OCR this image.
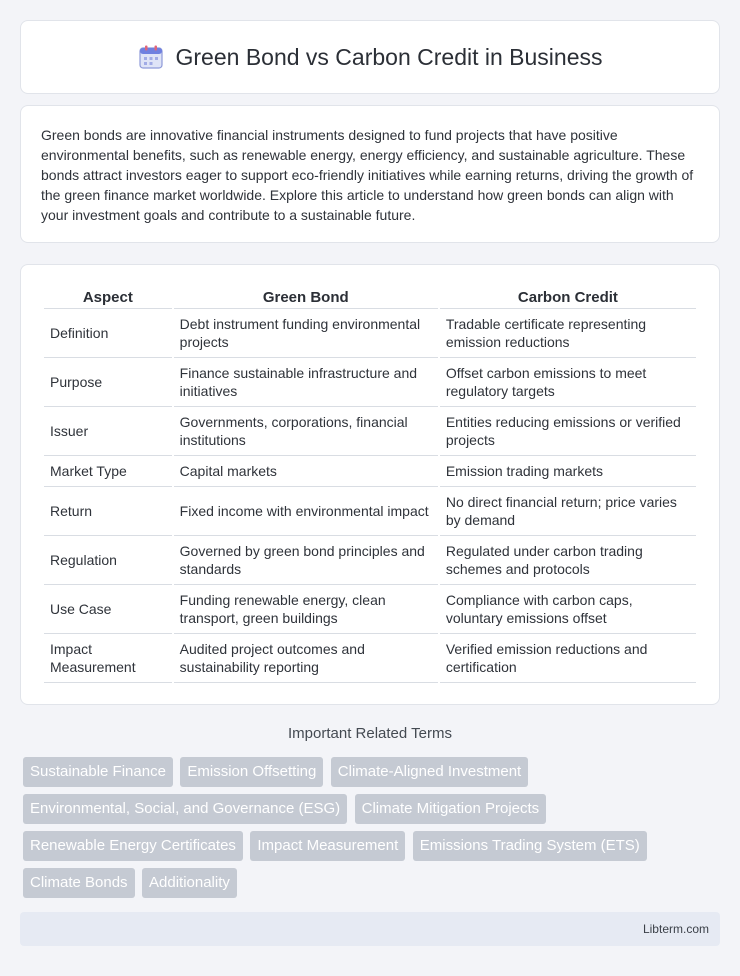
Green Bond vs Carbon Credit in Business

Green bonds are innovative financial instruments designed to fund projects that have positive environmental benefits, such as renewable energy, energy efficiency, and sustainable agriculture. These bonds attract investors eager to support eco-friendly initiatives while earning returns, driving the growth of the green finance market worldwide. Explore this article to understand how green bonds can align with your investment goals and contribute to a sustainable future.

Aspect	Green Bond	Carbon Credit
Definition	Debt instrument funding environmental projects	Tradable certificate representing emission reductions
Purpose	Finance sustainable infrastructure and initiatives	Offset carbon emissions to meet regulatory targets
Issuer	Governments, corporations, financial institutions	Entities reducing emissions or verified projects
Market Type	Capital markets	Emission trading markets
Return	Fixed income with environmental impact	No direct financial return; price varies by demand
Regulation	Governed by green bond principles and standards	Regulated under carbon trading schemes and protocols
Use Case	Funding renewable energy, clean transport, green buildings	Compliance with carbon caps, voluntary emissions offset
Impact Measurement	Audited project outcomes and sustainability reporting	Verified emission reductions and certification
Important Related Terms
Sustainable Finance Emission Offsetting Climate-Aligned Investment Environmental, Social, and Governance (ESG) Climate Mitigation Projects Renewable Energy Certificates Impact Measurement Emissions Trading System (ETS) Climate Bonds Additionality
Libterm.com
